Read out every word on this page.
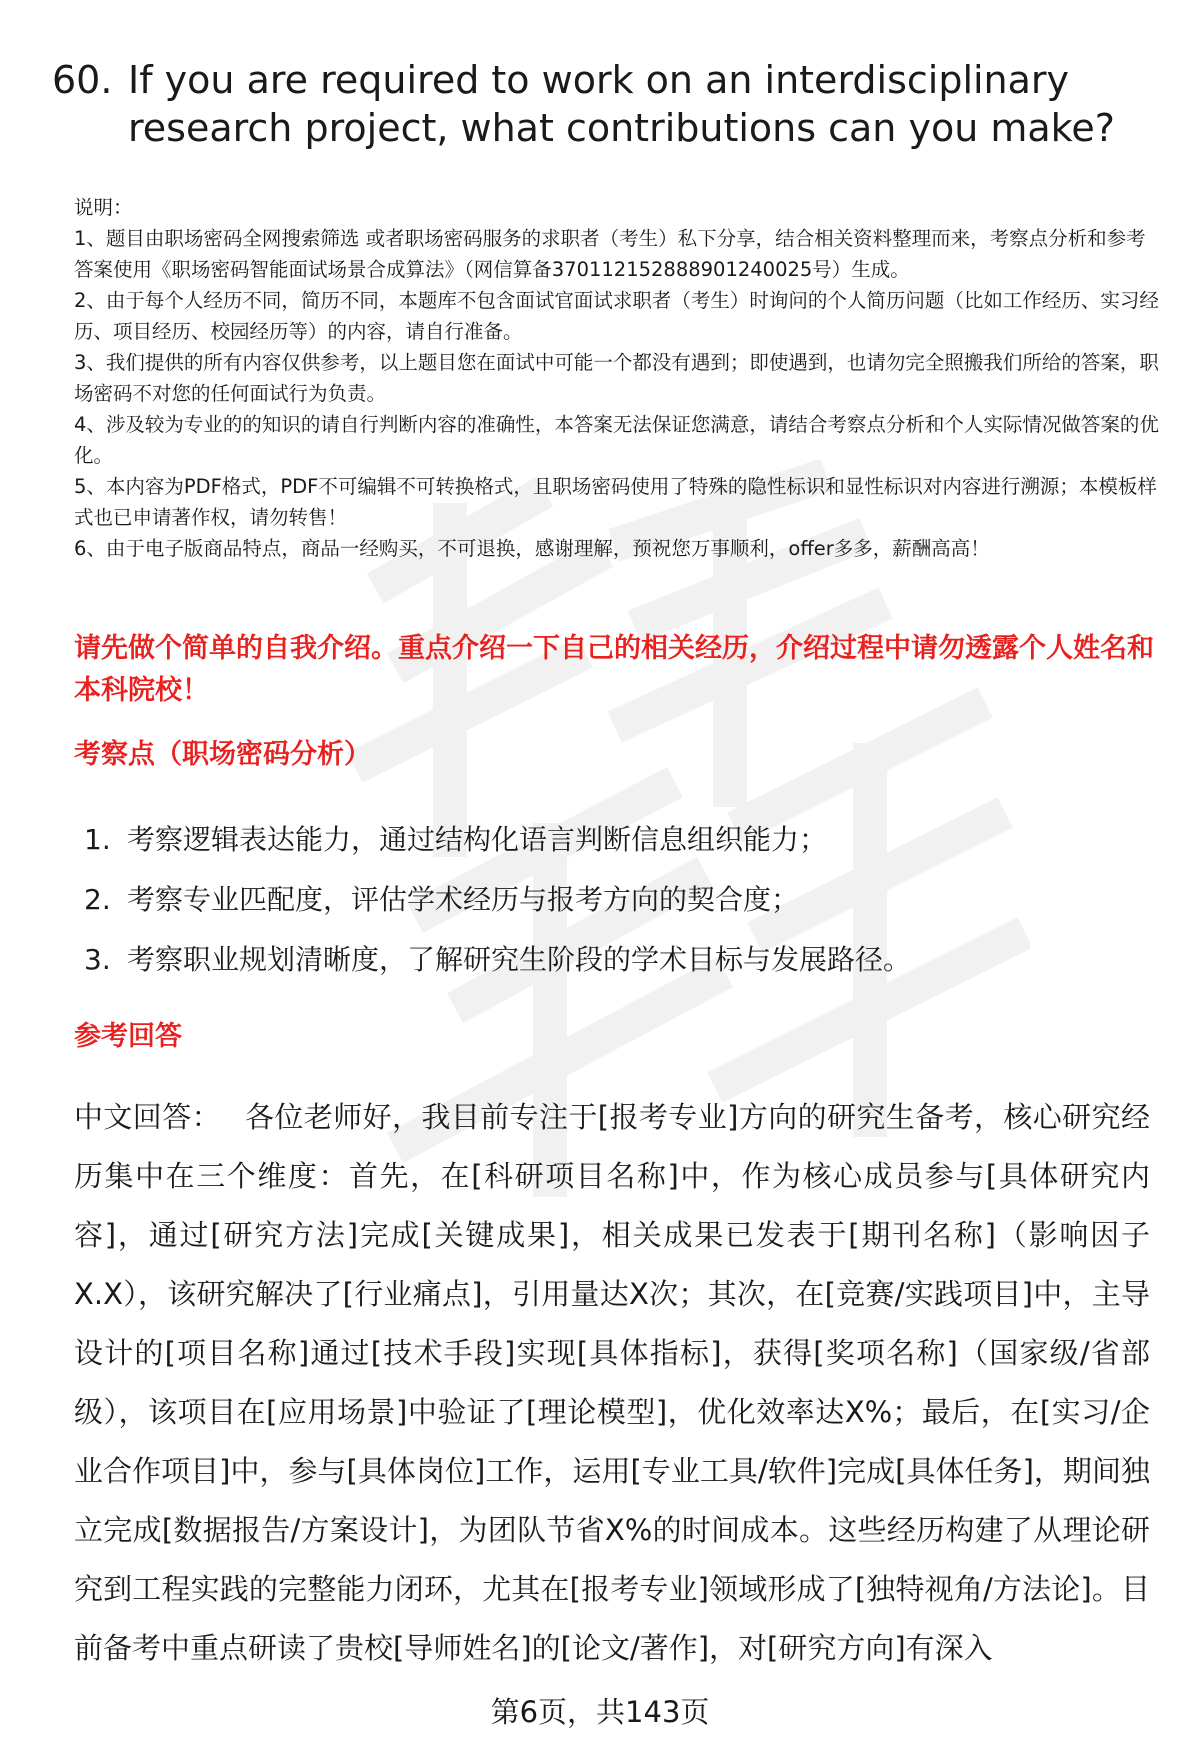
60. If you are required to work on an interdisciplinary research project, what contributions can you make?
说明：
1、题目由职场密码全网搜索筛选 或者职场密码服务的求职者（考生）私下分享，结合相关资料整理而来，考察点分析和参考答案使用《职场密码智能面试场景合成算法》（网信算备370112152888901240025号）生成。
2、由于每个人经历不同，简历不同，本题库不包含面试官面试求职者（考生）时询问的个人简历问题（比如工作经历、实习经历、项目经历、校园经历等）的内容，请自行准备。
3、我们提供的所有内容仅供参考，以上题目您在面试中可能一个都没有遇到；即使遇到，也请勿完全照搬我们所给的答案，职场密码不对您的任何面试行为负责。
4、涉及较为专业的的知识的请自行判断内容的准确性，本答案无法保证您满意，请结合考察点分析和个人实际情况做答案的优化。
5、本内容为PDF格式，PDF不可编辑不可转换格式，且职场密码使用了特殊的隐性标识和显性标识对内容进行溯源；本模板样式也已申请著作权，请勿转售！
6、由于电子版商品特点，商品一经购买，不可退换，感谢理解，预祝您万事顺利，offer多多，薪酬高高！
请先做个简单的自我介绍。重点介绍一下自己的相关经历，介绍过程中请勿透露个人姓名和本科院校！
考察点（职场密码分析）
1. 考察逻辑表达能力，通过结构化语言判断信息组织能力；
2. 考察专业匹配度，评估学术经历与报考方向的契合度；
3. 考察职业规划清晰度，了解研究生阶段的学术目标与发展路径。
参考回答
中文回答： 各位老师好，我目前专注于[报考专业]方向的研究生备考，核心研究经历集中在三个维度：首先，在[科研项目名称]中，作为核心成员参与[具体研究内容]，通过[研究方法]完成[关键成果]，相关成果已发表于[期刊名称]（影响因子X.X），该研究解决了[行业痛点]，引用量达X次；其次，在[竞赛/实践项目]中，主导设计的[项目名称]通过[技术手段]实现[具体指标]，获得[奖项名称]（国家级/省部级），该项目在[应用场景]中验证了[理论模型]，优化效率达X%；最后，在[实习/企业合作项目]中，参与[具体岗位]工作，运用[专业工具/软件]完成[具体任务]，期间独立完成[数据报告/方案设计]，为团队节省X%的时间成本。这些经历构建了从理论研究到工程实践的完整能力闭环，尤其在[报考专业]领域形成了[独特视角/方法论]。目前备考中重点研读了贵校[导师姓名]的[论文/著作]，对[研究方向]有深入
第6页，共143页
